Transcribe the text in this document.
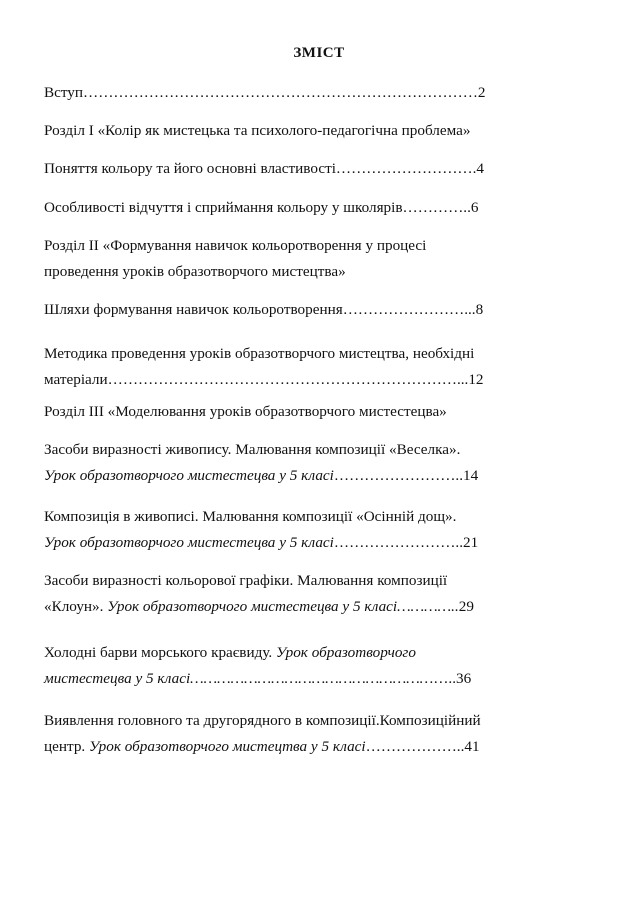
ЗМІСТ
Вступ……………………………………………………………………2
Розділ І «Колір як мистецька та психолого-педагогічна проблема»
Поняття кольору та його основні властивості……………………….4
Особливості відчуття і сприймання кольору у школярів…………..6
Розділ ІІ «Формування навичок кольоротворення у процесі
проведення уроків образотворчого мистецтва»
Шляхи формування навичок кольоротворення……………………...8
Методика проведення уроків образотворчого мистецтва, необхідні
матеріали……………………………………………………………...12
Розділ ІІІ «Моделювання уроків образотворчого мистестецва»
Засоби виразності живопису. Малювання композиції «Веселка».
Урок образотворчого мистестецва у 5 класі……………………..14
Композиція в живописі. Малювання композиції «Осінній дощ».
Урок образотворчого мистестецва у 5 класі……………………..21
Засоби виразності кольорової графіки. Малювання композиції
«Клоун». Урок образотворчого мистестецва у 5 класі…………..29
Холодні барви морського краєвиду. Урок образотворчого
мистестецва у 5 класі…………………………………………………..36
Виявлення головного та другорядного в композиції.Композиційний
центр. Урок образотворчого мистецтва у 5 класі………………..41
